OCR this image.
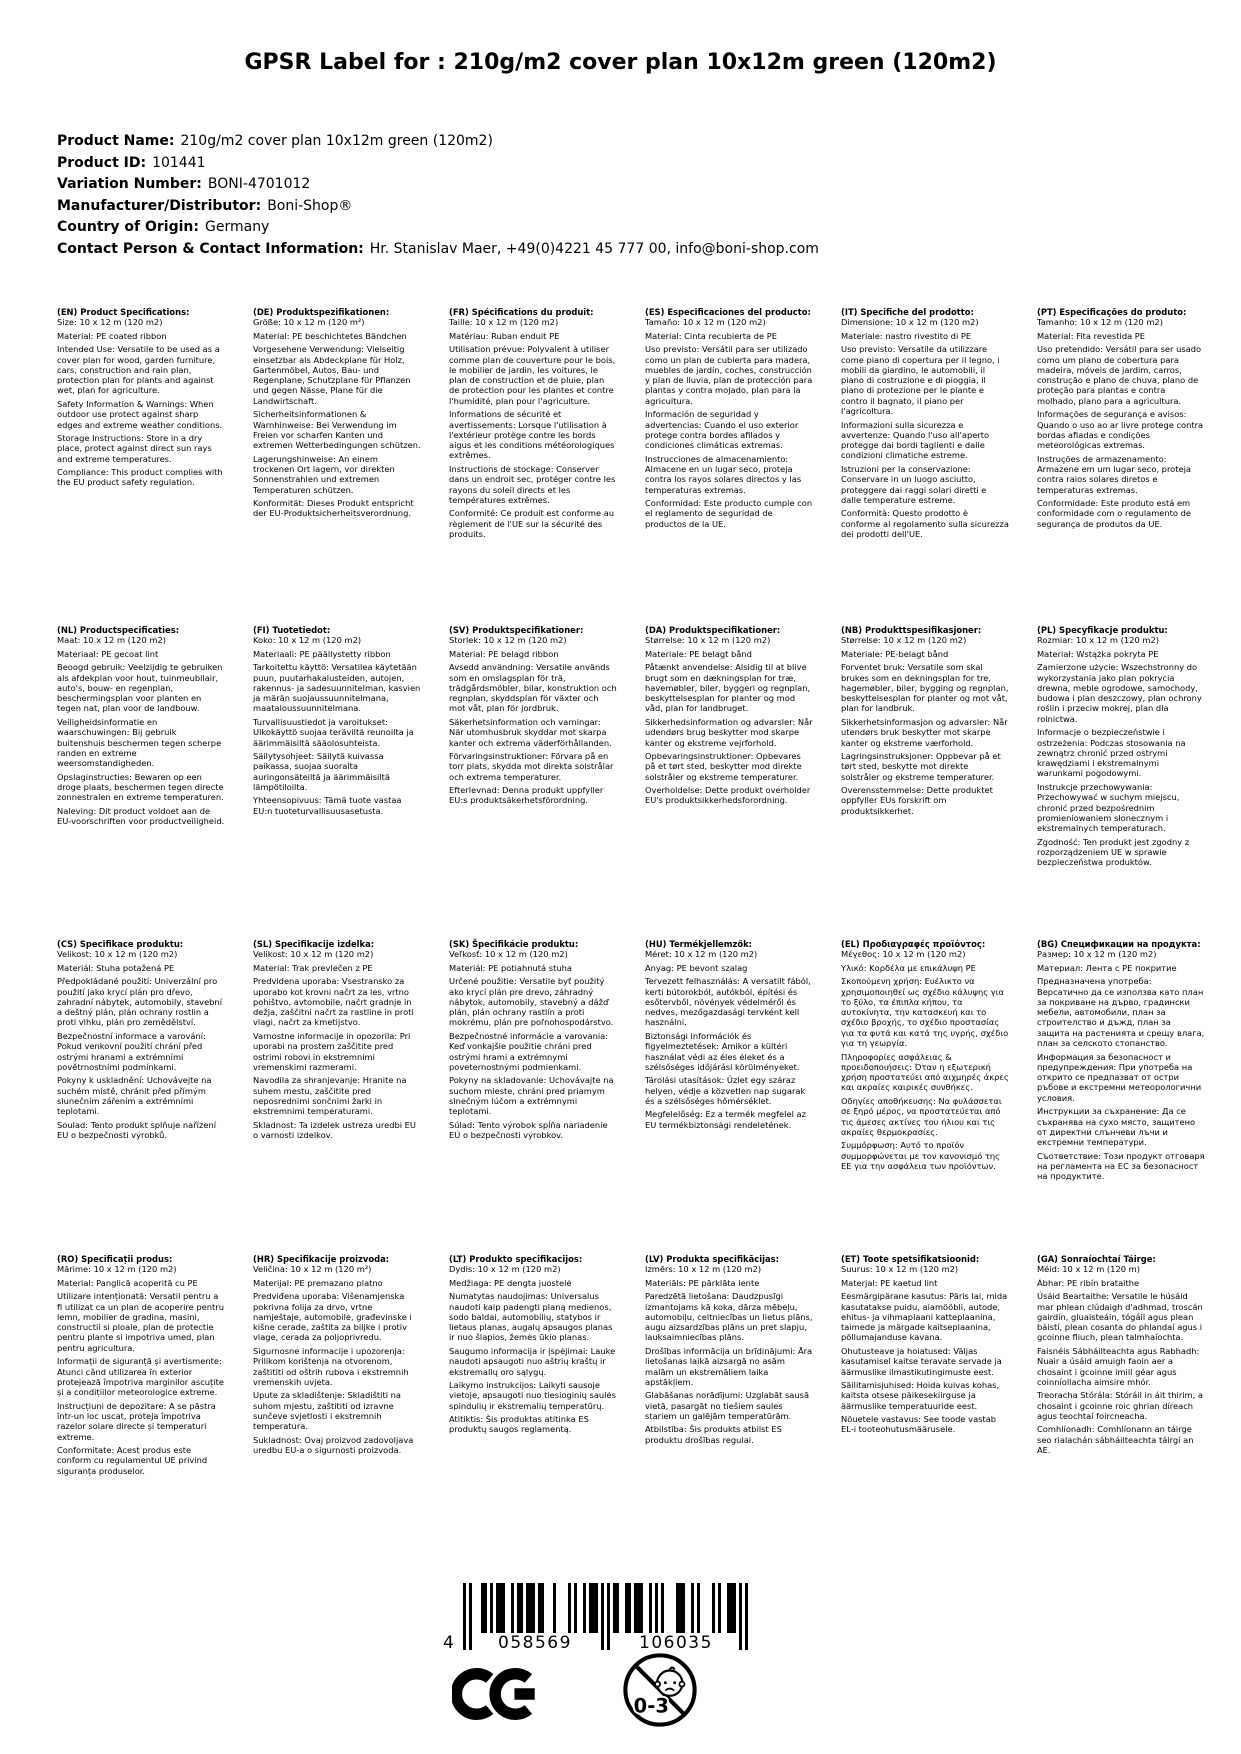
GPSR Label for : 210g/m2 cover plan 10x12m green (120m2)
Product Name: 210g/m2 cover plan 10x12m green (120m2)
Product ID: 101441
Variation Number: BONI-4701012
Manufacturer/Distributor: Boni-Shop®
Country of Origin: Germany
Contact Person & Contact Information: Hr. Stanislav Maer, +49(0)4221 45 777 00, info@boni-shop.com
(EN) Product Specifications:

Size: 10 x 12 m (120 m2)

Material: PE coated ribbon

Intended Use: Versatile to be used as a cover plan for wood, garden furniture, cars, construction and rain plan, protection plan for plants and against wet, plan for agriculture.

Safety Information & Warnings: When outdoor use protect against sharp edges and extreme weather conditions.

Storage Instructions: Store in a dry place, protect against direct sun rays and extreme temperatures.

Compliance: This product complies with the EU product safety regulation.

(DE) Produktspezifikationen:

Größe: 10 x 12 m (120 m²)

Material: PE beschichtetes Bändchen

Vorgesehene Verwendung: Vielseitig einsetzbar als Abdeckplane für Holz, Gartenmöbel, Autos, Bau- und Regenplane, Schutzplane für Pflanzen und gegen Nässe, Plane für die Landwirtschaft.

Sicherheitsinformationen & Warnhinweise: Bei Verwendung im Freien vor scharfen Kanten und extremen Wetterbedingungen schützen.

Lagerungshinweise: An einem trockenen Ort lagern, vor direkten Sonnenstrahlen und extremen Temperaturen schützen.

Konformität: Dieses Produkt entspricht der EU-Produktsicherheitsverordnung.

(FR) Spécifications du produit:

Taille: 10 x 12 m (120 m2)

Matériau: Ruban enduit PE

Utilisation prévue: Polyvalent à utiliser comme plan de couverture pour le bois, le mobilier de jardin, les voitures, le plan de construction et de pluie, plan de protection pour les plantes et contre l'humidité, plan pour l'agriculture.

Informations de sécurité et avertissements: Lorsque l'utilisation à l'extérieur protège contre les bords aigus et les conditions météorologiques extrêmes.

Instructions de stockage: Conserver dans un endroit sec, protéger contre les rayons du soleil directs et les températures extrêmes.

Conformité: Ce produit est conforme au règlement de l'UE sur la sécurité des produits.

(ES) Especificaciones del producto:

Tamaño: 10 x 12 m (120 m2)

Material: Cinta recubierta de PE

Uso previsto: Versátil para ser utilizado como un plan de cubierta para madera, muebles de jardín, coches, construcción y plan de lluvia, plan de protección para plantas y contra mojado, plan para la agricultura.

Información de seguridad y advertencias: Cuando el uso exterior protege contra bordes afilados y condiciones climáticas extremas.

Instrucciones de almacenamiento: Almacene en un lugar seco, proteja contra los rayos solares directos y las temperaturas extremas.

Conformidad: Este producto cumple con el reglamento de seguridad de productos de la UE.

(IT) Specifiche del prodotto:

Dimensione: 10 x 12 m (120 m2)

Materiale: nastro rivestito di PE

Uso previsto: Versatile da utilizzare come piano di copertura per il legno, i mobili da giardino, le automobili, il piano di costruzione e di pioggia, il piano di protezione per le piante e contro il bagnato, il piano per l'agricoltura.

Informazioni sulla sicurezza e avvertenze: Quando l'uso all'aperto protegge dai bordi taglienti e dalle condizioni climatiche estreme.

Istruzioni per la conservazione: Conservare in un luogo asciutto, proteggere dai raggi solari diretti e dalle temperature estreme.

Conformità: Questo prodotto è conforme al regolamento sulla sicurezza dei prodotti dell'UE.

(PT) Especificações do produto:

Tamanho: 10 x 12 m (120 m2)

Material: Fita revestida PE

Uso pretendido: Versátil para ser usado como um plano de cobertura para madeira, móveis de jardim, carros, construção e plano de chuva, plano de proteção para plantas e contra molhado, plano para a agricultura.

Informações de segurança e avisos: Quando o uso ao ar livre protege contra bordas afiadas e condições meteorológicas extremas.

Instruções de armazenamento: Armazene em um lugar seco, proteja contra raios solares diretos e temperaturas extremas.

Conformidade: Este produto está em conformidade com o regulamento de segurança de produtos da UE.

(NL) Productspecificaties:

Maat: 10 x 12 m (120 m2)

Materiaal: PE gecoat lint

Beoogd gebruik: Veelzijdig te gebruiken als afdekplan voor hout, tuinmeubilair, auto's, bouw- en regenplan, beschermingsplan voor planten en tegen nat, plan voor de landbouw.

Veiligheidsinformatie en waarschuwingen: Bij gebruik buitenshuis beschermen tegen scherpe randen en extreme weersomstandigheden.

Opslaginstructies: Bewaren op een droge plaats, beschermen tegen directe zonnestralen en extreme temperaturen.

Naleving: Dit product voldoet aan de EU-voorschriften voor productveiligheid.

(FI) Tuotetiedot:

Koko: 10 x 12 m (120 m2)

Materiaali: PE päällystetty ribbon

Tarkoitettu käyttö: Versatilea käytetään puun, puutarhakalusteiden, autojen, rakennus- ja sadesuunnitelman, kasvien ja märän suojaussuunnitelmana, maataloussuunnitelmana.

Turvallisuustiedot ja varoitukset: Ulkokäyttö suojaa teräviltä reunoilta ja äärimmäisiltä sääolosuhteista.

Säilytysohjeet: Säilytä kuivassa paikassa, suojaa suoralta auringonsäteiltä ja äärimmäisiltä lämpötiloilta.

Yhteensopivuus: Tämä tuote vastaa EU:n tuoteturvallisuusasetusta.

(SV) Produktspecifikationer:

Storlek: 10 x 12 m (120 m2)

Material: PE belagd ribbon

Avsedd användning: Versatile används som en omslagsplan för trä, trädgårdsmöbler, bilar, konstruktion och regnplan, skyddsplan för växter och mot våt, plan för jordbruk.

Säkerhetsinformation och varningar: När utomhusbruk skyddar mot skarpa kanter och extrema väderförhållanden.

Förvaringsinstruktioner: Förvara på en torr plats, skydda mot direkta solstrålar och extrema temperaturer.

Efterlevnad: Denna produkt uppfyller EU:s produktsäkerhetsförordning.

(DA) Produktspecifikationer:

Størrelse: 10 x 12 m (120 m2)

Materiale: PE belagt bånd

Påtænkt anvendelse: Alsidig til at blive brugt som en dækningsplan for træ, havemøbler, biler, byggeri og regnplan, beskyttelsesplan for planter og mod våd, plan for landbruget.

Sikkerhedsinformation og advarsler: Når udendørs brug beskytter mod skarpe kanter og ekstreme vejrforhold.

Opbevaringsinstruktioner: Opbevares på et tørt sted, beskytter mod direkte solstråler og ekstreme temperaturer.

Overholdelse: Dette produkt overholder EU's produktsikkerhedsforordning.

(NB) Produkttspesifikasjoner:

Størrelse: 10 x 12 m (120 m2)

Materiale: PE-belagt bånd

Forventet bruk: Versatile som skal brukes som en dekningsplan for tre, hagemøbler, biler, bygging og regnplan, beskyttelsesplan for planter og mot våt, plan for landbruk.

Sikkerhetsinformasjon og advarsler: Når utendørs bruk beskytter mot skarpe kanter og ekstreme værforhold.

Lagringsinstruksjoner: Oppbevar på et tørt sted, beskytte mot direkte solstråler og ekstreme temperaturer.

Overensstemmelse: Dette produktet oppfyller EUs forskrift om produktsikkerhet.

(PL) Specyfikacje produktu:

Rozmiar: 10 x 12 m (120 m2)

Materiał: Wstążka pokryta PE

Zamierzone użycie: Wszechstronny do wykorzystania jako plan pokrycia drewna, meble ogrodowe, samochody, budowa i plan deszczowy, plan ochrony roślin i przeciw mokrej, plan dla rolnictwa.

Informacje o bezpieczeństwie i ostrzeżenia: Podczas stosowania na zewnątrz chronić przed ostrymi krawędziami i ekstremalnymi warunkami pogodowymi.

Instrukcje przechowywania: Przechowywać w suchym miejscu, chronić przed bezpośrednim promieniowaniem słonecznym i ekstremalnych temperaturach.

Zgodność: Ten produkt jest zgodny z rozporządzeniem UE w sprawie bezpieczeństwa produktów.

(CS) Specifikace produktu:

Velikost: 10 x 12 m (120 m2)

Materiál: Stuha potažená PE

Předpokládané použití: Univerzální pro použití jako krycí plán pro dřevo, zahradní nábytek, automobily, stavební a deštný plán, plán ochrany rostlin a proti vlhku, plán pro zemědělství.

Bezpečnostní informace a varování: Pokud venkovní použití chrání před ostrými hranami a extrémními povětrnostními podmínkami.

Pokyny k uskladnění: Uchovávejte na suchém místě, chránit před přímým slunečním zářením a extrémními teplotami.

Soulad: Tento produkt splňuje nařízení EU o bezpečnosti výrobků.

(SL) Specifikacije izdelka:

Velikost: 10 x 12 m (120 m2)

Material: Trak prevlečen z PE

Predvidena uporaba: Vsestransko za uporabo kot krovni načrt za les, vrtno pohištvo, avtomobile, načrt gradnje in dežja, zaščitni načrt za rastline in proti vlagi, načrt za kmetijstvo.

Varnostne informacije in opozorila: Pri uporabi na prostem zaščitite pred ostrimi robovi in ekstremnimi vremenskimi razmerami.

Navodila za shranjevanje: Hranite na suhem mestu, zaščitite pred neposrednimi sončnimi žarki in ekstremnimi temperaturami.

Skladnost: Ta izdelek ustreza uredbi EU o varnosti izdelkov.

(SK) Špecifikácie produktu:

Veľkosť: 10 x 12 m (120 m2)

Materiál: PE potiahnutá stuha

Určené použitie: Versatile byť použitý ako krycí plán pre drevo, záhradný nábytok, automobily, stavebný a dážď plán, plán ochrany rastlín a proti mokrému, plán pre poľnohospodárstvo.

Bezpečnostné informácie a varovania: Keď vonkajšie použitie chráni pred ostrými hrami a extrémnymi poveternostnými podmienkami.

Pokyny na skladovanie: Uchovávajte na suchom mieste, chráni pred priamym slnečným lúčom a extrémnymi teplotami.

Súlad: Tento výrobok spĺňa nariadenie EÚ o bezpečnosti výrobkov.

(HU) Termékjellemzők:

Méret: 10 x 12 m (120 m2)

Anyag: PE bevont szalag

Tervezett felhasználás: A versatilt fából, kerti bútorokból, autókból, építési és esőtervből, növények védelméről és nedves, mezőgazdasági tervként kell használni.

Biztonsági információk és figyelmeztetések: Amikor a kültéri használat védi az éles éleket és a szélsőséges időjárási körülményeket.

Tárolási utasítások: Üzlet egy száraz helyen, védje a közvetlen nap sugarak és a szélsőséges hőmérséklet.

Megfelelőség: Ez a termék megfelel az EU termékbiztonsági rendeletének.

(EL) Προδιαγραφές προϊόντος:

Μέγεθος: 10 x 12 m (120 m2)

Υλικό: Κορδέλα με επικάλυψη PE

Σκοπούμενη χρήση: Ευέλικτο να χρησιμοποιηθεί ως σχέδιο κάλυψης για το ξύλο, τα έπιπλα κήπου, τα αυτοκίνητα, την κατασκευή και το σχέδιο βροχής, το σχέδιο προστασίας για τα φυτά και κατά της υγρής, σχέδιο για τη γεωργία.

Πληροφορίες ασφάλειας & προειδοποιήσεις: Όταν η εξωτερική χρήση προστατεύει από αιχμηρές άκρες και ακραίες καιρικές συνθήκες.

Οδηγίες αποθήκευσης: Να φυλάσσεται σε ξηρό μέρος, να προστατεύεται από τις άμεσες ακτίνες του ήλιου και τις ακραίες θερμοκρασίες.

Συμμόρφωση: Αυτό το προϊόν συμμορφώνεται με τον κανονισμό της ΕΕ για την ασφάλεια των προϊόντων.

(BG) Спецификации на продукта:

Размер: 10 x 12 m (120 m2)

Материал: Лента с PE покритие

Предназначена употреба: Версатично да се използва като план за покриване на дърво, градински мебели, автомобили, план за строителство и дъжд, план за защита на растенията и срещу влага, план за селското стопанство.

Информация за безопасност и предупреждения: При употреба на открито се предпазват от остри ръбове и екстремни метеорологични условия.

Инструкции за съхранение: Да се съхранява на сухо място, защитено от директни слънчеви лъчи и екстремни температури.

Съответствие: Този продукт отговаря на регламента на ЕС за безопасност на продуктите.

(RO) Specificații produs:

Mărime: 10 x 12 m (120 m2)

Material: Panglică acoperită cu PE

Utilizare intenționată: Versatil pentru a fi utilizat ca un plan de acoperire pentru lemn, mobilier de gradina, masini, constructii si ploaie, plan de protectie pentru plante si impotriva umed, plan pentru agricultura.

Informații de siguranță și avertismente: Atunci când utilizarea în exterior protejează împotriva marginilor ascuțite și a condițiilor meteorologice extreme.

Instrucțiuni de depozitare: A se păstra într-un loc uscat, proteja împotriva razelor solare directe și temperaturi extreme.

Conformitate: Acest produs este conform cu regulamentul UE privind siguranța produselor.

(HR) Specifikacije proizvoda:

Veličina: 10 x 12 m (120 m²)

Materijal: PE premazano platno

Predviđena uporaba: Višenamjenska pokrivna folija za drvo, vrtne namještaje, automobile, građevinske i kišne cerade, zaštita za biljke i protiv vlage, cerada za poljoprivredu.

Sigurnosne informacije i upozorenja: Prilikom korištenja na otvorenom, zaštititi od oštrih rubova i ekstremnih vremenskih uvjeta.

Upute za skladištenje: Skladištiti na suhom mjestu, zaštititi od izravne sunčeve svjetlosti i ekstremnih temperatura.

Sukladnost: Ovaj proizvod zadovoljava uredbu EU-a o sigurnosti proizvoda.

(LT) Produkto specifikacijos:

Dydis: 10 x 12 m (120 m2)

Medžiaga: PE dengta juostelė

Numatytas naudojimas: Universalus naudoti kaip padengti planą medienos, sodo baldai, automobilių, statybos ir lietaus planas, augalų apsaugos planas ir nuo šlapios, žemės ūkio planas.

Saugumo informacija ir įspėjimai: Lauke naudoti apsaugoti nuo aštrių kraštų ir ekstremalių oro sąlygų.

Laikymo instrukcijos: Laikyti sausoje vietoje, apsaugoti nuo tiesioginių saulės spindulių ir ekstremalių temperatūrų.

Atitiktis: Šis produktas atitinka ES produktų saugos reglamentą.

(LV) Produkta specifikācijas:

Izmērs: 10 x 12 m (120 m2)

Materiāls: PE pārklāta lente

Paredzētā lietošana: Daudzpusīgi izmantojams kā koka, dārza mēbeļu, automobiļu, celtniecības un lietus plāns, augu aizsardzības plāns un pret slapju, lauksaimniecības plāns.

Drošības informācija un brīdinājumi: Āra lietošanas laikā aizsargā no asām malām un ekstremāliem laika apstākļiem.

Glabāšanas norādījumi: Uzglabāt sausā vietā, pasargāt no tiešiem saules stariem un galējām temperatūrām.

Atbilstība: Šis produkts atbilst ES produktu drošības regulai.

(ET) Toote spetsifikatsioonid:

Suurus: 10 x 12 m (120 m2)

Materjal: PE kaetud lint

Eesmärgipärane kasutus: Päris lai, mida kasutatakse puidu, aiamööbli, autode, ehitus- ja vihmaplaani katteplaanina, taimede ja märgade kaitseplaanina, põllumajanduse kavana.

Ohutusteave ja hoiatused: Väljas kasutamisel kaitse teravate servade ja äärmuslike ilmastikutingimuste eest.

Säilitamisjuhised: Hoida kuivas kohas, kaitsta otsese päikesekiirguse ja äärmuslike temperatuuride eest.

Nõuetele vastavus: See toode vastab EL-i tooteohutusmäärusele.

(GA) Sonraíochtaí Táirge:

Méid: 10 x 12 m (120 m)

Ábhar: PE ribín brataithe

Úsáid Beartaithe: Versatile le húsáid mar phlean clúdaigh d'adhmad, troscán gairdín, gluaisteáin, tógáil agus plean báistí, plean cosanta do phlandaí agus i gcoinne fliuch, plean talmhaíochta.

Faisnéis Sábháilteachta agus Rabhadh: Nuair a úsáid amuigh faoin aer a chosaint i gcoinne imill géar agus coinníollacha aimsire mhór.

Treoracha Stórála: Stóráil in áit thirim, a chosaint i gcoinne roic ghrian díreach agus teochtaí foircneacha.

Comhlíonadh: Comhlíonann an táirge seo rialachán sábháilteachta táirgí an AE.

4	058569	106035
0-3
